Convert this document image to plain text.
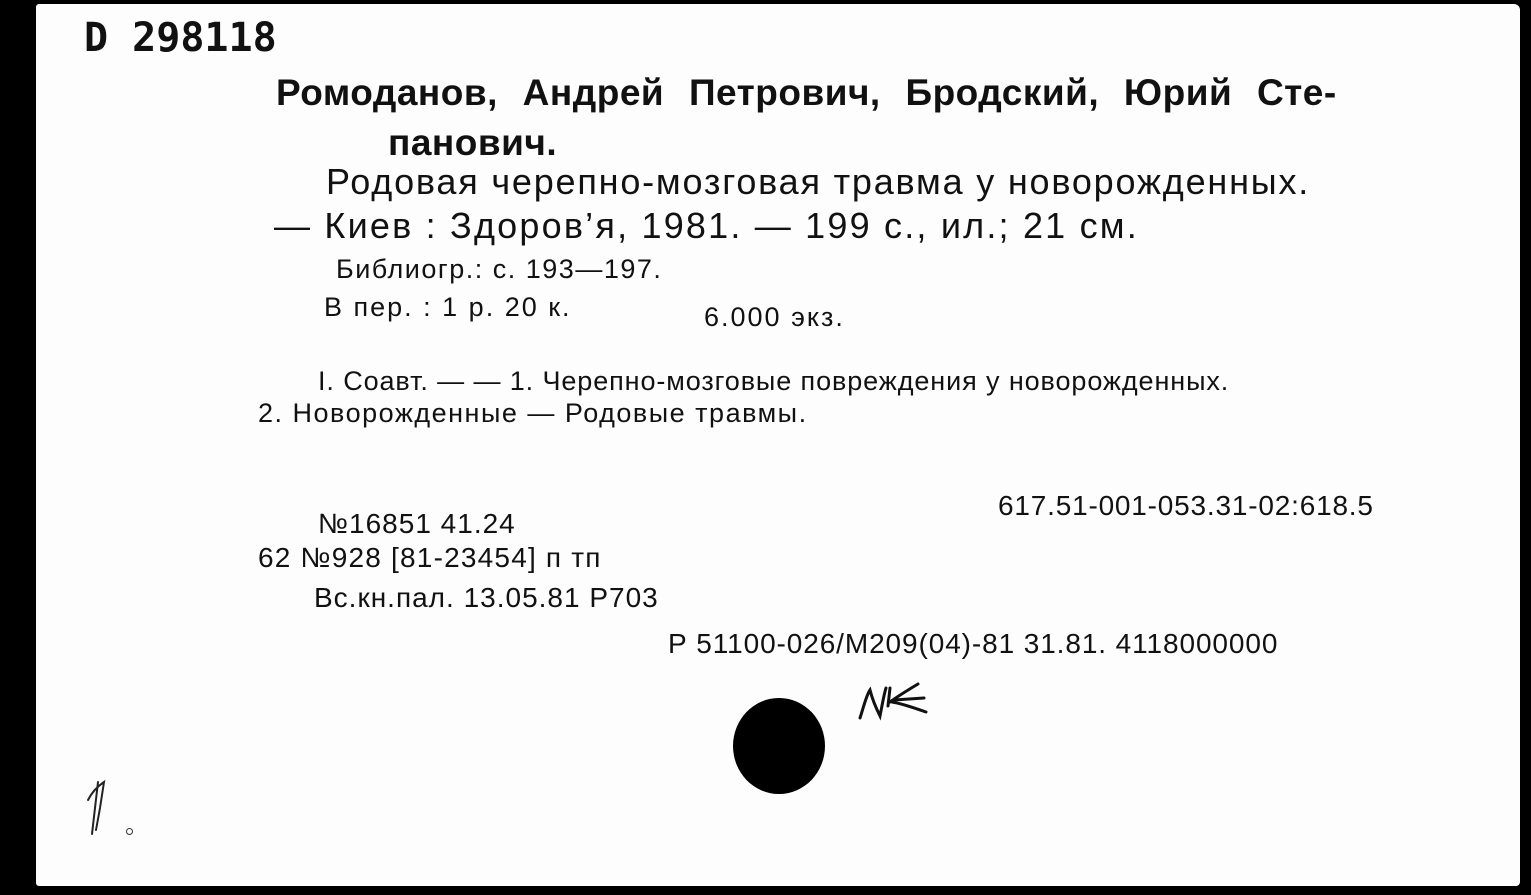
D 298118
Ромоданов, Андрей Петрович, Бродский, Юрий Сте-
панович.
Родовая черепно-мозговая травма у новорожденных.
— Киев : Здоров’я, 1981. — 199 с., ил.; 21 см.
Библиогр.: с. 193—197.
В пер. : 1 р. 20 к.	6.000 экз.
I. Соавт. — — 1. Черепно-мозговые повреждения у новорожденных.
2. Новорожденные — Родовые травмы.
617.51-001-053.31-02:618.5
№16851 41.24
62 №928 [81-23454] п тп
Вс.кн.пал. 13.05.81 Р703
Р 51100-026/М209(04)-81 31.81. 4118000000
